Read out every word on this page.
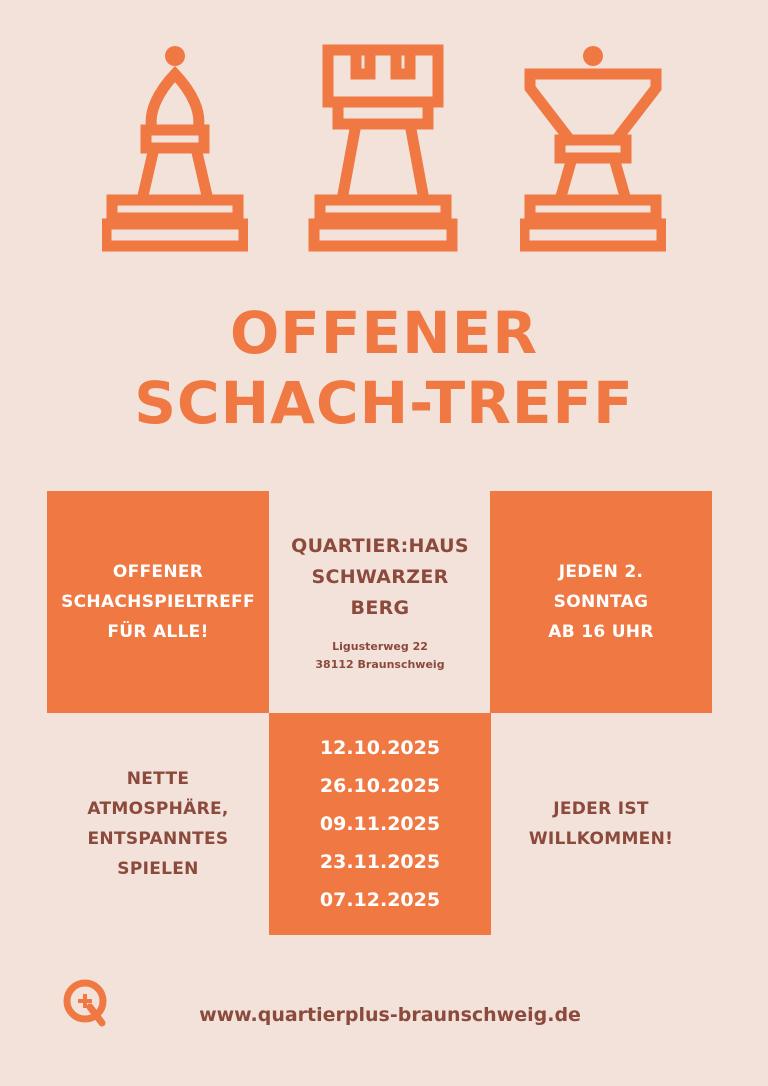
OFFENER
SCHACH-TREFF
OFFENER
SCHACHSPIELTREFF
FÜR ALLE!
QUARTIER:HAUS
SCHWARZER
BERG
Ligusterweg 22
38112 Braunschweig
JEDEN 2.
SONNTAG
AB 16 UHR
NETTE
ATMOSPHÄRE,
ENTSPANNTES
SPIELEN
12.10.2025
26.10.2025
09.11.2025
23.11.2025
07.12.2025
JEDER IST
WILLKOMMEN!
www.quartierplus-braunschweig.de
